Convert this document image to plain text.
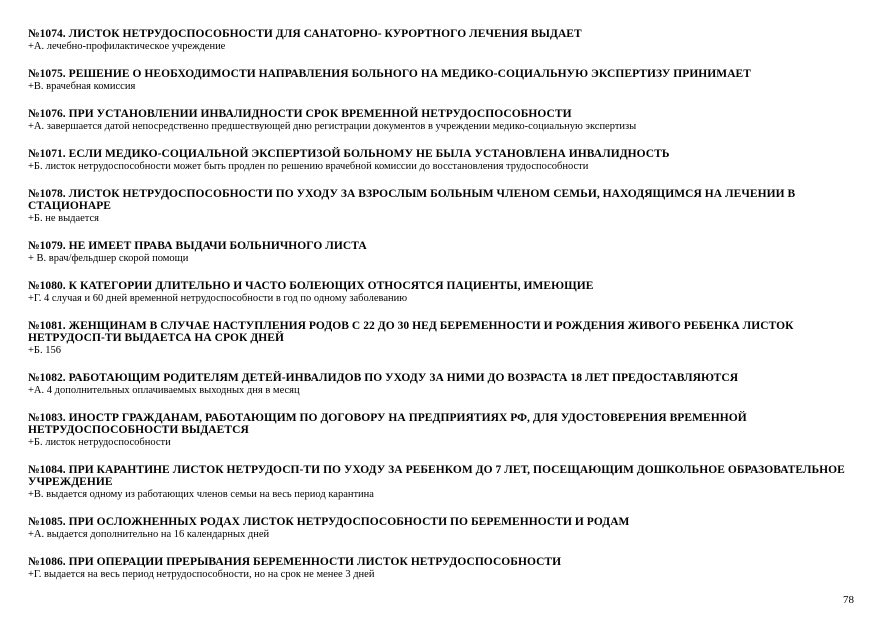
№1074. ЛИСТОК НЕТРУДОСПОСОБНОСТИ ДЛЯ САНАТОРНО- КУРОРТНОГО ЛЕЧЕНИЯ ВЫДАЕТ
+А. лечебно-профилактическое учреждение
№1075. РЕШЕНИЕ О НЕОБХОДИМОСТИ НАПРАВЛЕНИЯ БОЛЬНОГО НА МЕДИКО-СОЦИАЛЬНУЮ ЭКСПЕРТИЗУ ПРИНИМАЕТ
+В. врачебная комиссия
№1076. ПРИ УСТАНОВЛЕНИИ ИНВАЛИДНОСТИ СРОК ВРЕМЕННОЙ НЕТРУДОСПОСОБНОСТИ
+А. завершается датой непосредственно предшествующей дню регистрации документов в учреждении медико-социальную экспертизы
№1071. ЕСЛИ МЕДИКО-СОЦИАЛЬНОЙ ЭКСПЕРТИЗОЙ БОЛЬНОМУ НЕ БЫЛА УСТАНОВЛЕНА ИНВАЛИДНОСТЬ
+Б. листок нетрудоспособности может быть продлен по решению врачебной комиссии до восстановления трудоспособности
№1078. ЛИСТОК НЕТРУДОСПОСОБНОСТИ ПО УХОДУ ЗА ВЗРОСЛЫМ БОЛЬНЫМ ЧЛЕНОМ СЕМЬИ, НАХОДЯЩИМСЯ НА ЛЕЧЕНИИ В СТАЦИОНАРЕ
+Б. не выдается
№1079. НЕ ИМЕЕТ ПРАВА ВЫДАЧИ БОЛЬНИЧНОГО ЛИСТА
+ В. врач/фельдшер скорой помощи
№1080. К КАТЕГОРИИ ДЛИТЕЛЬНО И ЧАСТО БОЛЕЮЩИХ ОТНОСЯТСЯ ПАЦИЕНТЫ, ИМЕЮЩИЕ
+Г. 4 случая и 60 дней временной нетрудоспособности в год по одному заболеванию
№1081. ЖЕНЩИНАМ В СЛУЧАЕ НАСТУПЛЕНИЯ РОДОВ С 22 ДО 30 НЕД БЕРЕМЕННОСТИ И РОЖДЕНИЯ ЖИВОГО РЕБЕНКА ЛИСТОК НЕТРУДОСП-ТИ ВЫДАЕТСА НА СРОК ДНЕЙ
+Б. 156
№1082. РАБОТАЮЩИМ РОДИТЕЛЯМ ДЕТЕЙ-ИНВАЛИДОВ ПО УХОДУ ЗА НИМИ ДО ВОЗРАСТА 18 ЛЕТ ПРЕДОСТАВЛЯЮТСЯ
+А. 4 дополнительных оплачиваемых выходных дня в месяц
№1083. ИНОСТР ГРАЖДАНАМ, РАБОТАЮЩИМ ПО ДОГОВОРУ НА ПРЕДПРИЯТИЯХ РФ, ДЛЯ УДОСТОВЕРЕНИЯ ВРЕМЕННОЙ НЕТРУДОСПОСОБНОСТИ ВЫДАЕТСЯ
+Б. листок нетрудоспособности
№1084. ПРИ КАРАНТИНЕ ЛИСТОК НЕТРУДОСП-ТИ ПО УХОДУ ЗА РЕБЕНКОМ ДО 7 ЛЕТ, ПОСЕЩАЮЩИМ ДОШКОЛЬНОЕ ОБРАЗОВАТЕЛЬНОЕ УЧРЕЖДЕНИЕ
+В. выдается одному из работающих членов семьи на весь период карантина
№1085. ПРИ ОСЛОЖНЕННЫХ РОДАХ ЛИСТОК НЕТРУДОСПОСОБНОСТИ ПО БЕРЕМЕННОСТИ И РОДАМ
+А. выдается дополнительно на 16 календарных дней
№1086. ПРИ ОПЕРАЦИИ ПРЕРЫВАНИЯ БЕРЕМЕННОСТИ ЛИСТОК НЕТРУДОСПОСОБНОСТИ
+Г. выдается на весь период нетрудоспособности, но на срок не менее 3 дней
78
